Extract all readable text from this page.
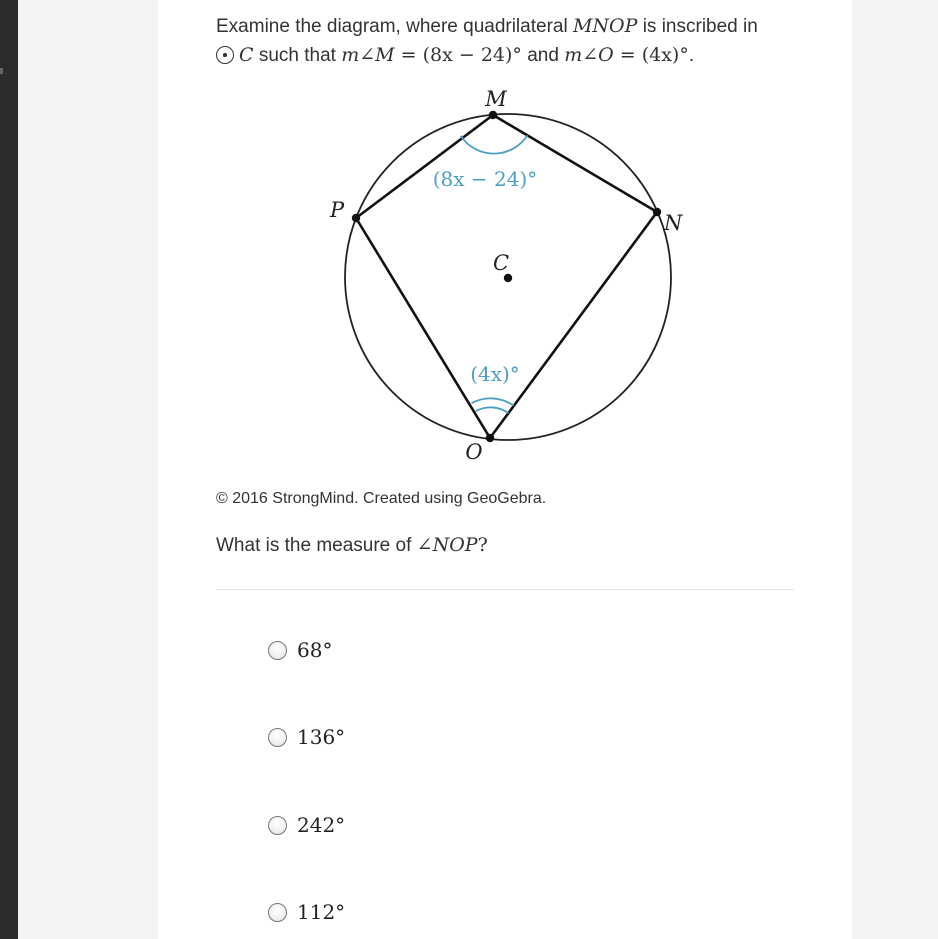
Examine the diagram, where quadrilateral MNOP is inscribed in
C such that m∠M = (8x − 24)° and m∠O = (4x)°.
M
N
O
P
C
(8x − 24)°
(4x)°
© 2016 StrongMind. Created using GeoGebra.
What is the measure of ∠NOP?
68°
136°
242°
112°
